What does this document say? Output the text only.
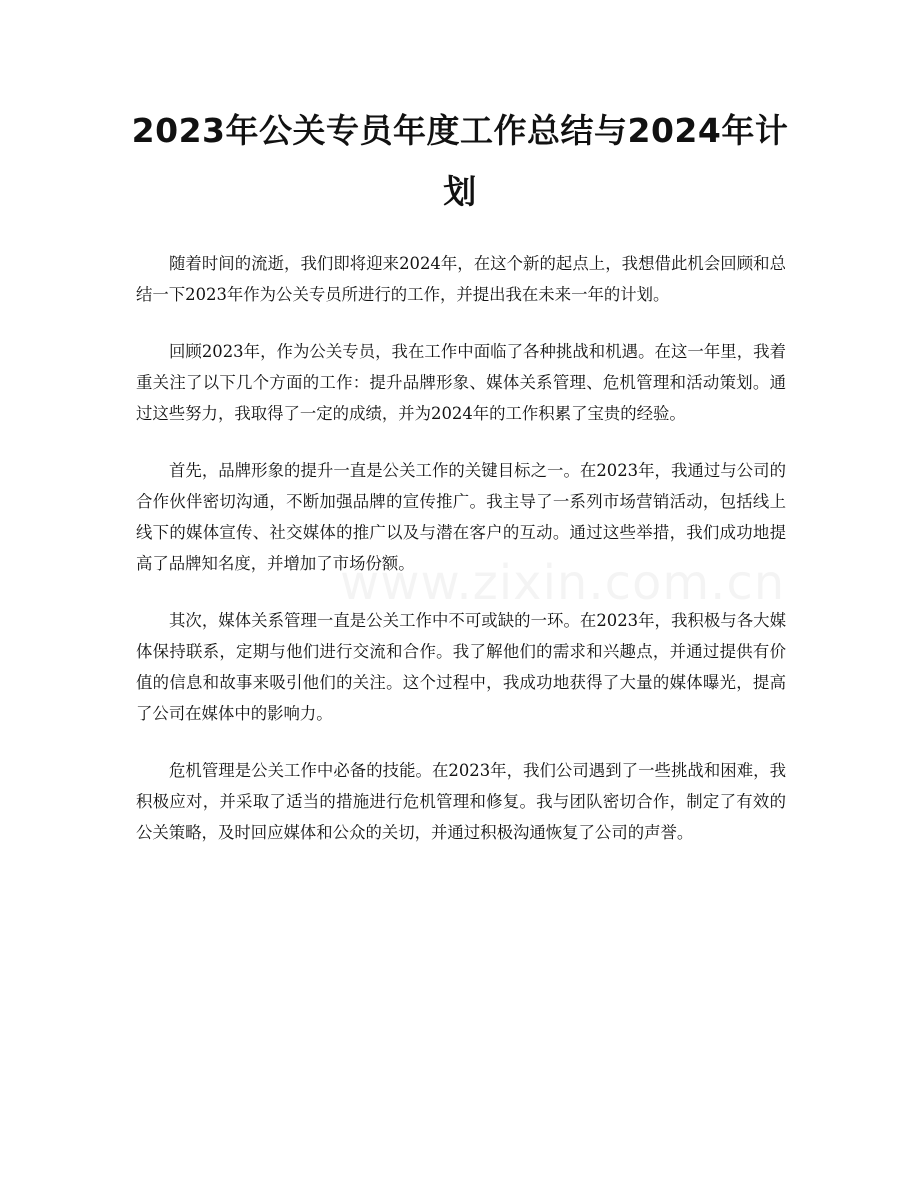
2023年公关专员年度工作总结与2024年计划

随着时间的流逝，我们即将迎来2024年，在这个新的起点上，我想借此机会回顾和总结一下2023年作为公关专员所进行的工作，并提出我在未来一年的计划。

回顾2023年，作为公关专员，我在工作中面临了各种挑战和机遇。在这一年里，我着重关注了以下几个方面的工作：提升品牌形象、媒体关系管理、危机管理和活动策划。通过这些努力，我取得了一定的成绩，并为2024年的工作积累了宝贵的经验。

首先，品牌形象的提升一直是公关工作的关键目标之一。在2023年，我通过与公司的合作伙伴密切沟通，不断加强品牌的宣传推广。我主导了一系列市场营销活动，包括线上线下的媒体宣传、社交媒体的推广以及与潜在客户的互动。通过这些举措，我们成功地提高了品牌知名度，并增加了市场份额。

其次，媒体关系管理一直是公关工作中不可或缺的一环。在2023年，我积极与各大媒体保持联系，定期与他们进行交流和合作。我了解他们的需求和兴趣点，并通过提供有价值的信息和故事来吸引他们的关注。这个过程中，我成功地获得了大量的媒体曝光，提高了公司在媒体中的影响力。

危机管理是公关工作中必备的技能。在2023年，我们公司遇到了一些挑战和困难，我积极应对，并采取了适当的措施进行危机管理和修复。我与团队密切合作，制定了有效的公关策略，及时回应媒体和公众的关切，并通过积极沟通恢复了公司的声誉。
